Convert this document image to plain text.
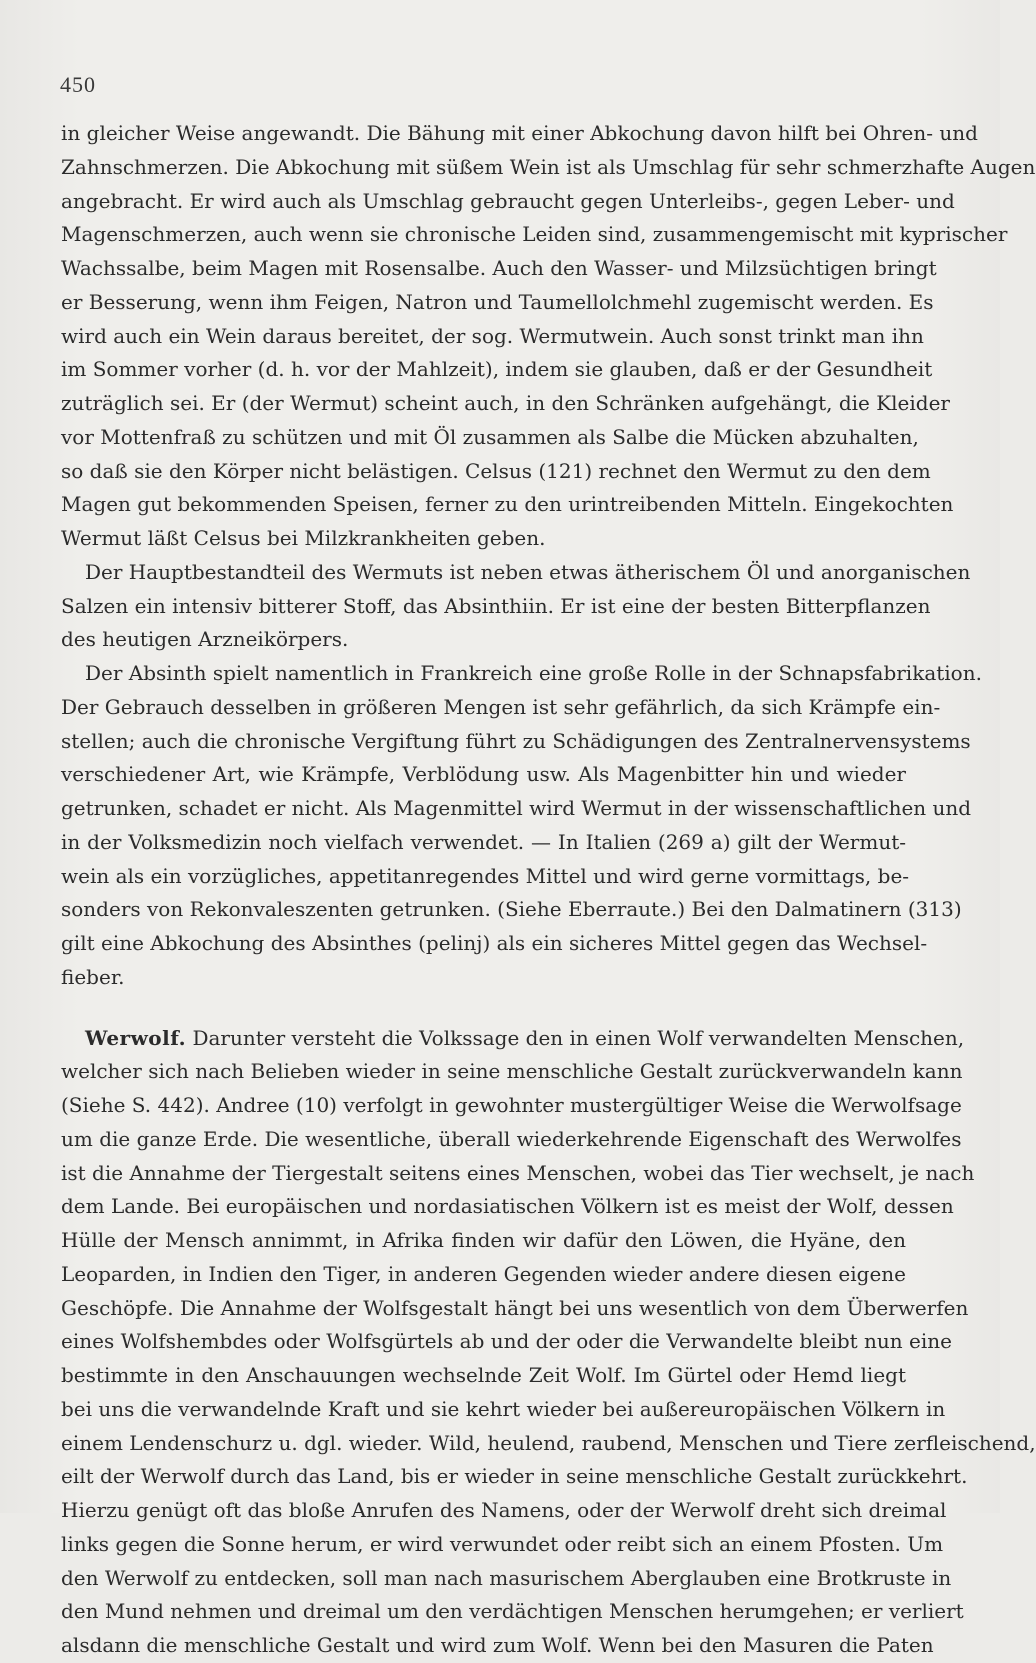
450
in gleicher Weise angewandt. Die Bähung mit einer Abkochung davon hilft bei Ohren- und
Zahnschmerzen. Die Abkochung mit süßem Wein ist als Umschlag für sehr schmerzhafte Augen
angebracht. Er wird auch als Umschlag gebraucht gegen Unterleibs-, gegen Leber- und
Magenschmerzen, auch wenn sie chronische Leiden sind, zusammengemischt mit kyprischer
Wachssalbe, beim Magen mit Rosensalbe. Auch den Wasser- und Milzsüchtigen bringt
er Besserung, wenn ihm Feigen, Natron und Taumellolchmehl zugemischt werden. Es
wird auch ein Wein daraus bereitet, der sog. Wermutwein. Auch sonst trinkt man ihn
im Sommer vorher (d. h. vor der Mahlzeit), indem sie glauben, daß er der Gesundheit
zuträglich sei. Er (der Wermut) scheint auch, in den Schränken aufgehängt, die Kleider
vor Mottenfraß zu schützen und mit Öl zusammen als Salbe die Mücken abzuhalten,
so daß sie den Körper nicht belästigen. Celsus (121) rechnet den Wermut zu den dem
Magen gut bekommenden Speisen, ferner zu den urintreibenden Mitteln. Eingekochten
Wermut läßt Celsus bei Milzkrankheiten geben.
Der Hauptbestandteil des Wermuts ist neben etwas ätherischem Öl und anorganischen
Salzen ein intensiv bitterer Stoff, das Absinthiin. Er ist eine der besten Bitterpflanzen
des heutigen Arzneikörpers.
Der Absinth spielt namentlich in Frankreich eine große Rolle in der Schnapsfabrikation.
Der Gebrauch desselben in größeren Mengen ist sehr gefährlich, da sich Krämpfe ein-
stellen; auch die chronische Vergiftung führt zu Schädigungen des Zentralnervensystems
verschiedener Art, wie Krämpfe, Verblödung usw. Als Magenbitter hin und wieder
getrunken, schadet er nicht. Als Magenmittel wird Wermut in der wissenschaftlichen und
in der Volksmedizin noch vielfach verwendet. — In Italien (269 a) gilt der Wermut-
wein als ein vorzügliches, appetitanregendes Mittel und wird gerne vormittags, be-
sonders von Rekonvaleszenten getrunken. (Siehe Eberraute.) Bei den Dalmatinern (313)
gilt eine Abkochung des Absinthes (pelinj) als ein sicheres Mittel gegen das Wechsel-
fieber.
Werwolf. Darunter versteht die Volkssage den in einen Wolf verwandelten Menschen,
welcher sich nach Belieben wieder in seine menschliche Gestalt zurückverwandeln kann
(Siehe S. 442). Andree (10) verfolgt in gewohnter mustergültiger Weise die Werwolfsage
um die ganze Erde. Die wesentliche, überall wiederkehrende Eigenschaft des Werwolfes
ist die Annahme der Tiergestalt seitens eines Menschen, wobei das Tier wechselt, je nach
dem Lande. Bei europäischen und nordasiatischen Völkern ist es meist der Wolf, dessen
Hülle der Mensch annimmt, in Afrika finden wir dafür den Löwen, die Hyäne, den
Leoparden, in Indien den Tiger, in anderen Gegenden wieder andere diesen eigene
Geschöpfe. Die Annahme der Wolfsgestalt hängt bei uns wesentlich von dem Überwerfen
eines Wolfshembdes oder Wolfsgürtels ab und der oder die Verwandelte bleibt nun eine
bestimmte in den Anschauungen wechselnde Zeit Wolf. Im Gürtel oder Hemd liegt
bei uns die verwandelnde Kraft und sie kehrt wieder bei außereuropäischen Völkern in
einem Lendenschurz u. dgl. wieder. Wild, heulend, raubend, Menschen und Tiere zerfleischend,
eilt der Werwolf durch das Land, bis er wieder in seine menschliche Gestalt zurückkehrt.
Hierzu genügt oft das bloße Anrufen des Namens, oder der Werwolf dreht sich dreimal
links gegen die Sonne herum, er wird verwundet oder reibt sich an einem Pfosten. Um
den Werwolf zu entdecken, soll man nach masurischem Aberglauben eine Brotkruste in
den Mund nehmen und dreimal um den verdächtigen Menschen herumgehen; er verliert
alsdann die menschliche Gestalt und wird zum Wolf. Wenn bei den Masuren die Paten
